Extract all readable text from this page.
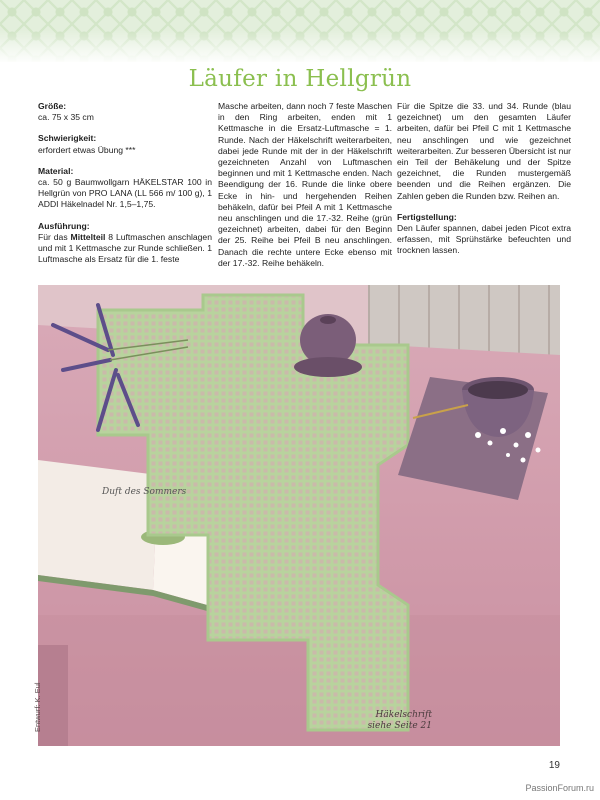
Läufer in Hellgrün
Größe:

ca. 75 x 35 cm

Schwierigkeit:

erfordert etwas Übung ***

Material:

ca. 50 g Baumwollgarn HÄKELSTAR 100 in Hellgrün von PRO LANA (LL 566 m/ 100 g), 1 ADDI Häkelnadel Nr. 1,5–1,75.

Ausführung:

Für das Mittelteil 8 Luftmaschen anschlagen und mit 1 Kettmasche zur Runde schließen. 1 Luftmasche als Ersatz für die 1. feste

Masche arbeiten, dann noch 7 feste Maschen in den Ring arbeiten, enden mit 1 Kettmasche in die Ersatz-Luftmasche = 1. Runde. Nach der Häkelschrift weiterarbeiten, dabei jede Runde mit der in der Häkelschrift gezeichneten Anzahl von Luftmaschen beginnen und mit 1 Kettmasche enden. Nach Beendigung der 16. Runde die linke obere Ecke in hin- und hergehenden Reihen behäkeln, dafür bei Pfeil A mit 1 Kettmasche neu anschlingen und die 17.-32. Reihe (grün gezeichnet) arbeiten, dabei für den Beginn der 25. Reihe bei Pfeil B neu anschlingen. Danach die rechte untere Ecke ebenso mit der 17.-32. Reihe behäkeln.

Für die Spitze die 33. und 34. Runde (blau gezeichnet) um den gesamten Läufer arbeiten, dafür bei Pfeil C mit 1 Kettmasche neu anschlingen und wie gezeichnet weiterarbeiten. Zur besseren Übersicht ist nur ein Teil der Behäkelung und der Spitze gezeichnet, die Runden mustergemäß beenden und die Reihen ergänzen. Die Zahlen geben die Runden bzw. Reihen an.

Fertigstellung:

Den Läufer spannen, dabei jeden Picot extra erfassen, mit Sprühstärke befeuchten und trocknen lassen.

Häkelschrift
siehe Seite 21
Entwurf: K. Eul
Duft des Sommers
19
PassionForum.ru
